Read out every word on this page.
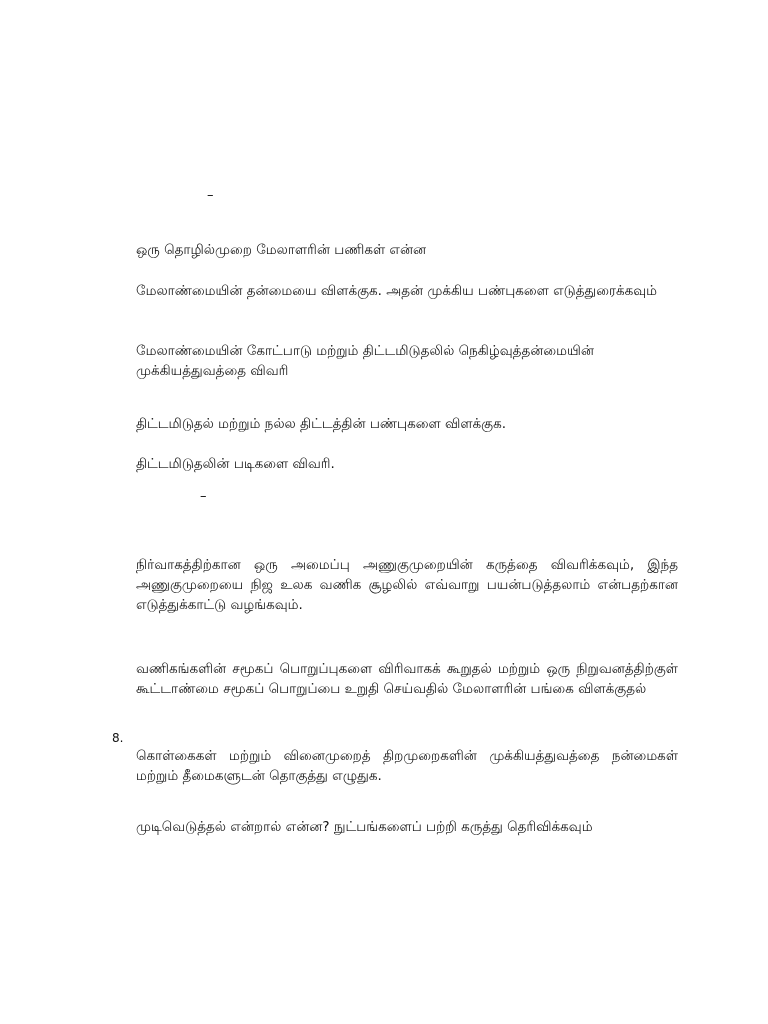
–

ஒரு தொழில்முறை மேலாளரின் பணிகள் என்ன

மேலாண்மையின் தன்மையை விளக்குக. அதன் முக்கிய பண்புகளை எடுத்துரைக்கவும்

மேலாண்மையின் கோட்பாடு மற்றும் திட்டமிடுதலில் நெகிழ்வுத்தன்மையின் முக்கியத்துவத்தை விவரி

திட்டமிடுதல் மற்றும் நல்ல திட்டத்தின் பண்புகளை விளக்குக.

திட்டமிடுதலின் படிகளை விவரி.

–

நிர்வாகத்திற்கான ஒரு அமைப்பு அணுகுமுறையின் கருத்தை விவரிக்கவும், இந்த அணுகுமுறையை நிஜ உலக வணிக சூழலில் எவ்வாறு பயன்படுத்தலாம் என்பதற்கான எடுத்துக்காட்டு வழங்கவும்.

வணிகங்களின் சமூகப் பொறுப்புகளை விரிவாகக் கூறுதல் மற்றும் ஒரு நிறுவனத்திற்குள் கூட்டாண்மை சமூகப் பொறுப்பை உறுதி செய்வதில் மேலாளரின் பங்கை விளக்குதல்

8.

கொள்கைகள் மற்றும் வினைமுறைத் திறமுறைகளின் முக்கியத்துவத்தை நன்மைகள் மற்றும் தீமைகளுடன் தொகுத்து எழுதுக.

முடிவெடுத்தல் என்றால் என்ன? நுட்பங்களைப் பற்றி கருத்து தெரிவிக்கவும்
